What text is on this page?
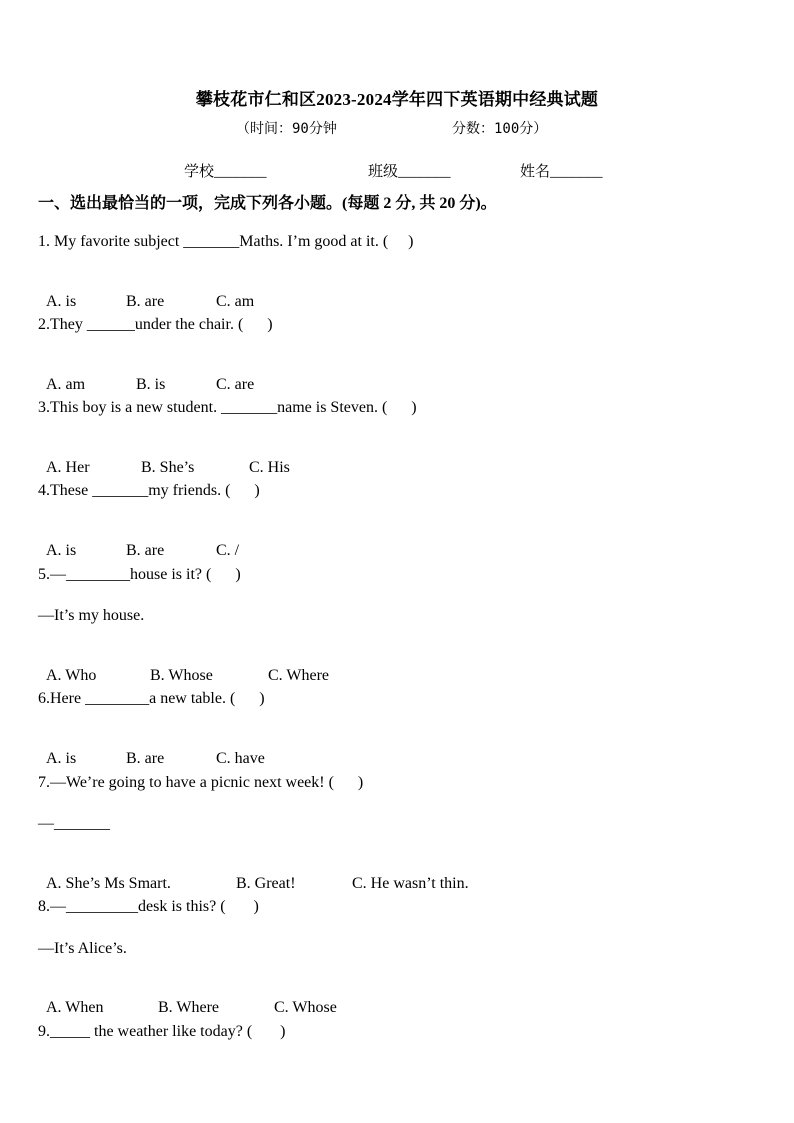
攀枝花市仁和区2023-2024学年四下英语期中经典试题
（时间：90分钟	分数：100分）
学校_______	班级_______	姓名_______
一、选出最恰当的一项，完成下列各小题。(每题 2 分, 共 20 分)。
1. My favorite subject _______Maths. I’m good at it. (     )

A. is	B. are	C. am

2.They ______under the chair. (      )

A. am	B. is	C. are

3.This boy is a new student. _______name is Steven. (      )

A. Her	B. She’s	C. His

4.These _______my friends. (      )

A. is	B. are	C. /

5.—________house is it? (      )
—It’s my house.

A. Who	B. Whose	C. Where

6.Here ________a new table. (      )

A. is	B. are	C. have

7.—We’re going to have a picnic next week! (      )
—_______

A. She’s Ms Smart.	B. Great!	C. He wasn’t thin.

8.—_________desk is this? (       )
—It’s Alice’s.

A. When	B. Where	C. Whose

9._____ the weather like today? (       )
